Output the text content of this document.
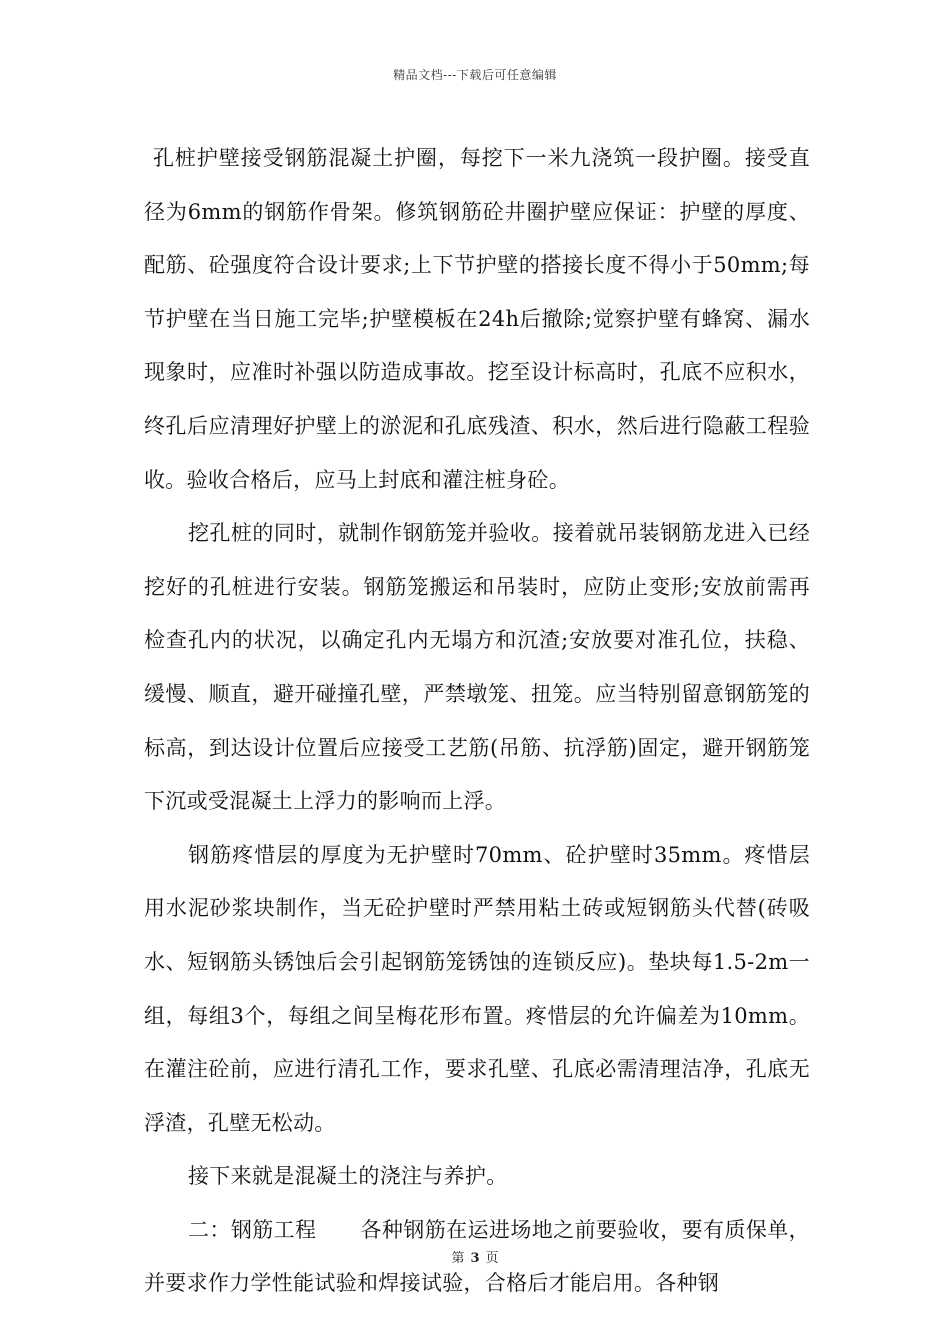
精品文档---下载后可任意编辑

孔桩护壁接受钢筋混凝土护圈，每挖下一米九浇筑一段护圈。接受直径为6mm的钢筋作骨架。修筑钢筋砼井圈护壁应保证：护壁的厚度、配筋、砼强度符合设计要求;上下节护壁的搭接长度不得小于50mm;每节护壁在当日施工完毕;护壁模板在24h后撤除;觉察护壁有蜂窝、漏水现象时，应准时补强以防造成事故。挖至设计标高时，孔底不应积水，终孔后应清理好护壁上的淤泥和孔底残渣、积水，然后进行隐蔽工程验收。验收合格后，应马上封底和灌注桩身砼。

挖孔桩的同时，就制作钢筋笼并验收。接着就吊装钢筋龙进入已经挖好的孔桩进行安装。钢筋笼搬运和吊装时，应防止变形;安放前需再检查孔内的状况，以确定孔内无塌方和沉渣;安放要对准孔位，扶稳、缓慢、顺直，避开碰撞孔壁，严禁墩笼、扭笼。应当特别留意钢筋笼的标高，到达设计位置后应接受工艺筋(吊筋、抗浮筋)固定，避开钢筋笼下沉或受混凝土上浮力的影响而上浮。

钢筋疼惜层的厚度为无护壁时70mm、砼护壁时35mm。疼惜层用水泥砂浆块制作，当无砼护壁时严禁用粘土砖或短钢筋头代替(砖吸水、短钢筋头锈蚀后会引起钢筋笼锈蚀的连锁反应)。垫块每1.5-2m一组，每组3个，每组之间呈梅花形布置。疼惜层的允许偏差为10mm。在灌注砼前，应进行清孔工作，要求孔壁、孔底必需清理洁净，孔底无浮渣，孔壁无松动。

接下来就是混凝土的浇注与养护。

二：钢筋工程 各种钢筋在运进场地之前要验收，要有质保单，并要求作力学性能试验和焊接试验，合格后才能启用。各种钢

第 3 页
